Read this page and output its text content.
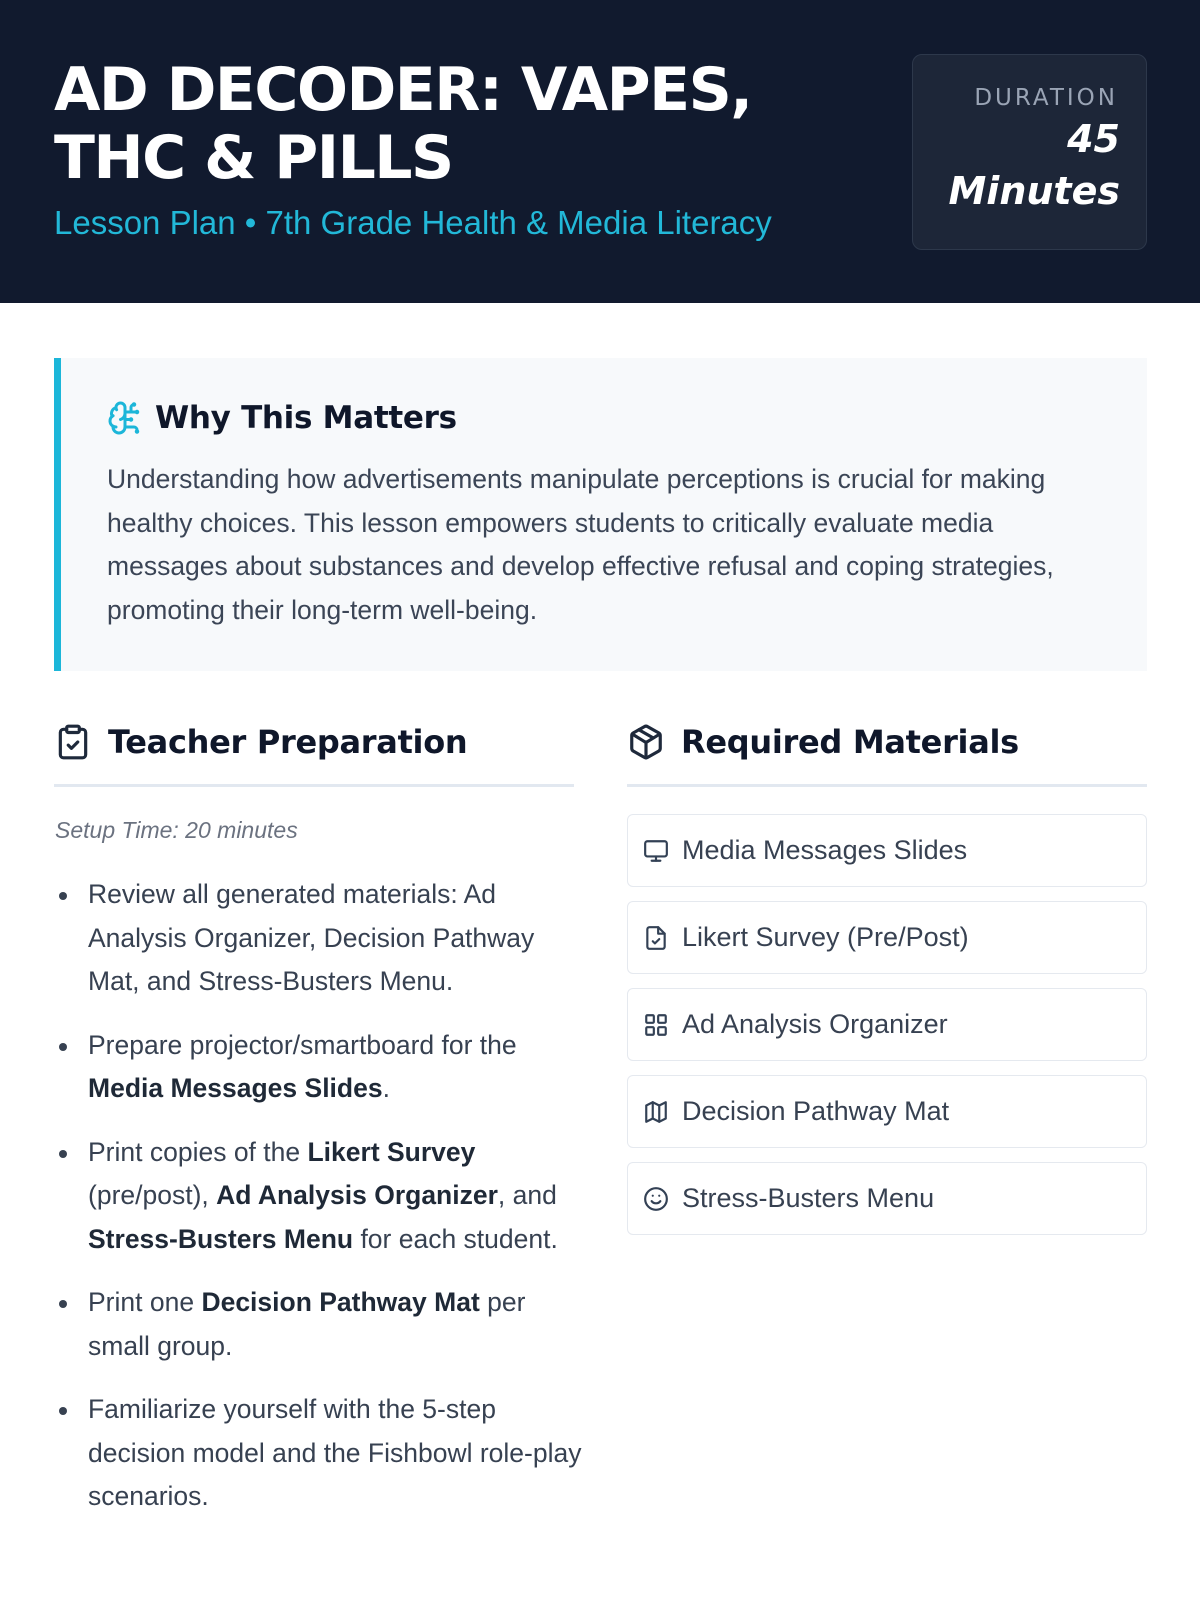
AD DECODER: VAPES, THC & PILLS
Lesson Plan • 7th Grade Health & Media Literacy
DURATION
45 Minutes
Why This Matters

Understanding how advertisements manipulate perceptions is crucial for making healthy choices. This lesson empowers students to critically evaluate media messages about substances and develop effective refusal and coping strategies, promoting their long-term well-being.

Teacher Preparation
Setup Time: 20 minutes
Review all generated materials: Ad Analysis Organizer, Decision Pathway Mat, and Stress-Busters Menu.
Prepare projector/smartboard for the Media Messages Slides.
Print copies of the Likert Survey (pre/post), Ad Analysis Organizer, and Stress-Busters Menu for each student.
Print one Decision Pathway Mat per small group.
Familiarize yourself with the 5-step decision model and the Fishbowl role-play scenarios.
Required Materials
Media Messages Slides
Likert Survey (Pre/Post)
Ad Analysis Organizer
Decision Pathway Mat
Stress-Busters Menu
